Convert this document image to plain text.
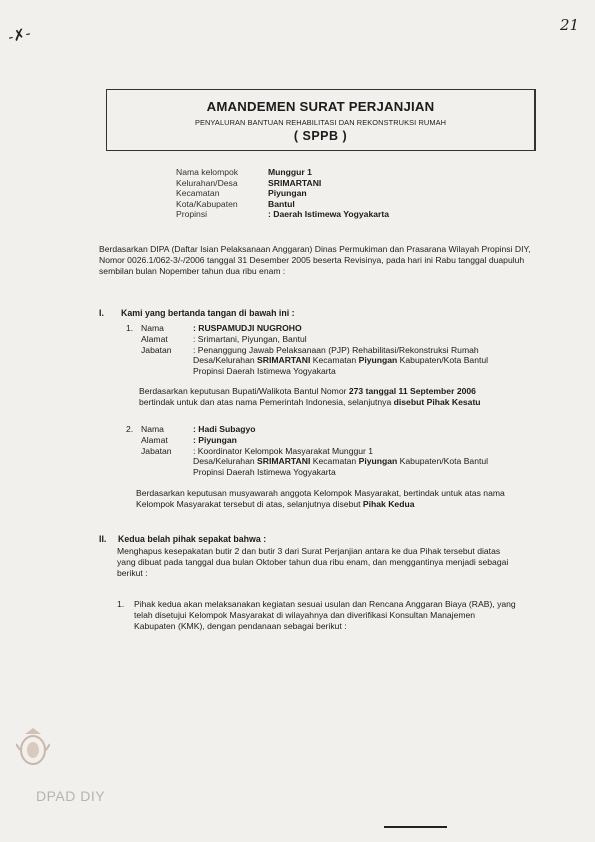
-✗-	21
AMANDEMEN SURAT PERJANJIAN
PENYALURAN BANTUAN REHABILITASI DAN REKONSTRUKSI RUMAH
( SPPB )
Nama kelompok	Munggur 1
Kelurahan/Desa	SRIMARTANI
Kecamatan	Piyungan
Kota/Kabupaten	Bantul
Propinsi	: Daerah Istimewa Yogyakarta
Berdasarkan DIPA (Daftar Isian Pelaksanaan Anggaran) Dinas Permukiman dan Prasarana Wilayah Propinsi DIY, Nomor 0026.1/062-3/-/2006 tanggal 31 Desember 2005 beserta Revisinya, pada hari ini Rabu tanggal duapuluh sembilan bulan Nopember tahun dua ribu enam :
I. Kami yang bertanda tangan di bawah ini :
1. Nama	: RUSPAMUDJI NUGROHO
Alamat	: Srimartani, Piyungan, Bantul
Jabatan	: Penanggung Jawab Pelaksanaan (PJP) Rehabilitasi/Rekonstruksi Rumah
Desa/Kelurahan SRIMARTANI Kecamatan Piyungan Kabupaten/Kota Bantul
Propinsi Daerah Istimewa Yogyakarta
Berdasarkan keputusan Bupati/Walikota Bantul Nomor 273 tanggal 11 September 2006
bertindak untuk dan atas nama Pemerintah Indonesia, selanjutnya disebut Pihak Kesatu
2. Nama	: Hadi Subagyo
Alamat	: Piyungan
Jabatan	: Koordinator Kelompok Masyarakat Munggur 1
Desa/Kelurahan SRIMARTANI Kecamatan Piyungan Kabupaten/Kota Bantul
Propinsi Daerah Istimewa Yogyakarta
Berdasarkan keputusan musyawarah anggota Kelompok Masyarakat, bertindak untuk atas nama
Kelompok Masyarakat tersebut di atas, selanjutnya disebut Pihak Kedua
II. Kedua belah pihak sepakat bahwa :
Menghapus kesepakatan butir 2 dan butir 3 dari Surat Perjanjian antara ke dua Pihak tersebut diatas
yang dibuat pada tanggal dua bulan Oktober tahun dua ribu enam, dan menggantinya menjadi sebagai
berikut :
1. Pihak kedua akan melaksanakan kegiatan sesuai usulan dan Rencana Anggaran Biaya (RAB), yang
telah disetujui Kelompok Masyarakat di wilayahnya dan diverifikasi Konsultan Manajemen
Kabupaten (KMK), dengan pendanaan sebagai berikut :
DPAD DIY
